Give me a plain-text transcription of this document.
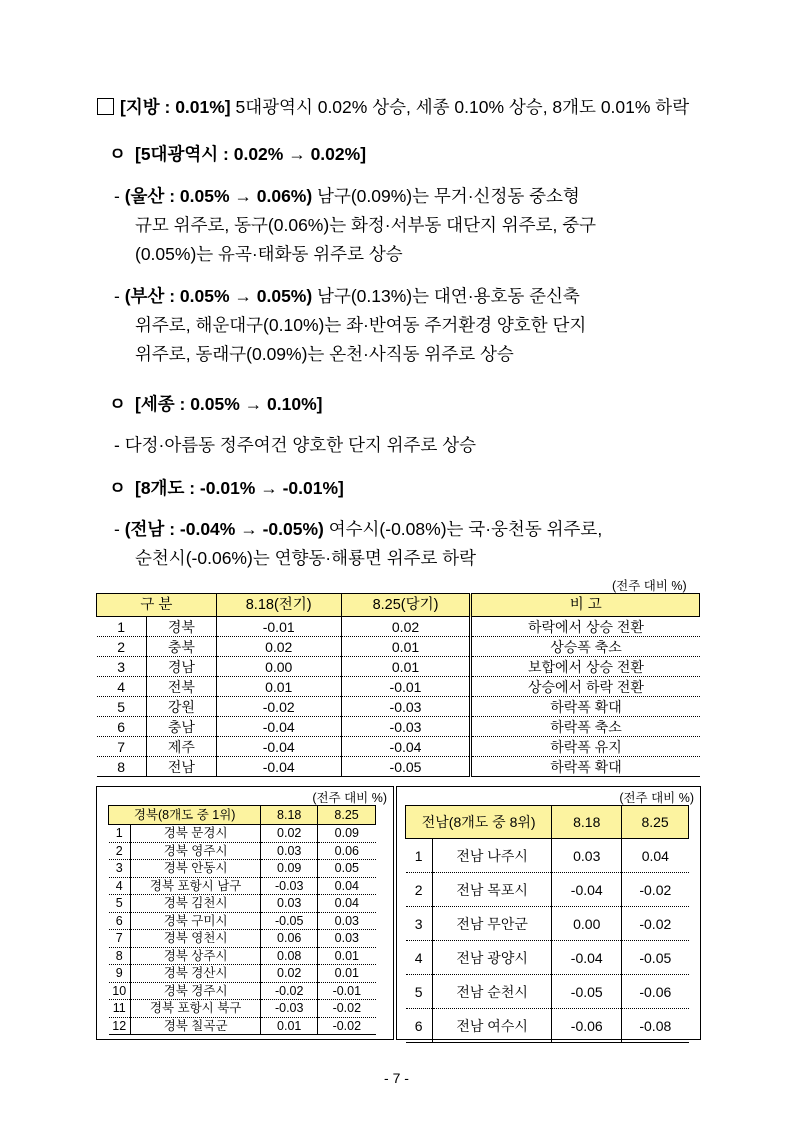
[지방 : 0.01%] 5대광역시 0.02% 상승, 세종 0.10% 상승, 8개도 0.01% 하락
ㅇ [5대광역시 : 0.02% → 0.02%]
- (울산 : 0.05% → 0.06%) 남구(0.09%)는 무거·신정동 중소형
규모 위주로, 동구(0.06%)는 화정·서부동 대단지 위주로, 중구
(0.05%)는 유곡·태화동 위주로 상승
- (부산 : 0.05% → 0.05%) 남구(0.13%)는 대연·용호동 준신축
위주로, 해운대구(0.10%)는 좌·반여동 주거환경 양호한 단지
위주로, 동래구(0.09%)는 온천·사직동 위주로 상승
ㅇ [세종 : 0.05% → 0.10%]
- 다정·아름동 정주여건 양호한 단지 위주로 상승
ㅇ [8개도 : -0.01% → -0.01%]
- (전남 : -0.04% → -0.05%) 여수시(-0.08%)는 국·웅천동 위주로,
순천시(-0.06%)는 연향동·해룡면 위주로 하락
(전주 대비 %)
구 분		8.18(전기)	8.25(당기)	비 고
1	경북	-0.01	0.02	하락에서 상승 전환
2	충북	0.02	0.01	상승폭 축소
3	경남	0.00	0.01	보합에서 상승 전환
4	전북	0.01	-0.01	상승에서 하락 전환
5	강원	-0.02	-0.03	하락폭 확대
6	충남	-0.04	-0.03	하락폭 축소
7	제주	-0.04	-0.04	하락폭 유지
8	전남	-0.04	-0.05	하락폭 확대
(전주 대비 %)
경북(8개도 중 1위)		8.18	8.25
1	경북 문경시	0.02	0.09
2	경북 영주시	0.03	0.06
3	경북 안동시	0.09	0.05
4	경북 포항시 남구	-0.03	0.04
5	경북 김천시	0.03	0.04
6	경북 구미시	-0.05	0.03
7	경북 영천시	0.06	0.03
8	경북 상주시	0.08	0.01
9	경북 경산시	0.02	0.01
10	경북 경주시	-0.02	-0.01
11	경북 포항시 북구	-0.03	-0.02
12	경북 칠곡군	0.01	-0.02
(전주 대비 %)
전남(8개도 중 8위)		8.18	8.25
1	전남 나주시	0.03	0.04
2	전남 목포시	-0.04	-0.02
3	전남 무안군	0.00	-0.02
4	전남 광양시	-0.04	-0.05
5	전남 순천시	-0.05	-0.06
6	전남 여수시	-0.06	-0.08
- 7 -
